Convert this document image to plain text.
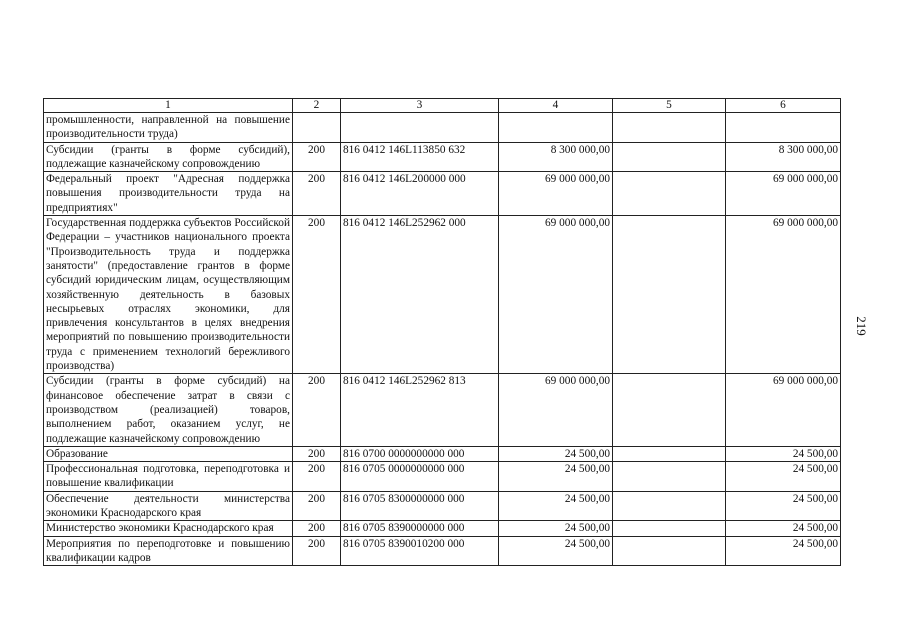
1	2	3	4	5	6
промышленности, направленной на повышение производительности труда)					
Субсидии (гранты в форме субсидий), подлежащие казначейскому сопровождению	200	816 0412 146L113850 632	8 300 000,00		8 300 000,00
Федеральный проект "Адресная поддержка повышения производительности труда на предприятиях"	200	816 0412 146L200000 000	69 000 000,00		69 000 000,00
Государственная поддержка субъектов Российской Федерации – участников национального проекта "Производительность труда и поддержка занятости" (предоставление грантов в форме субсидий юридическим лицам, осуществляющим хозяйственную деятельность в базовых несырьевых отраслях экономики, для привлечения консультантов в целях внедрения мероприятий по повышению производительности труда с применением технологий бережливого производства)	200	816 0412 146L252962 000	69 000 000,00		69 000 000,00
Субсидии (гранты в форме субсидий) на финансовое обеспечение затрат в связи с производством (реализацией) товаров, выполнением работ, оказанием услуг, не подлежащие казначейскому сопровождению	200	816 0412 146L252962 813	69 000 000,00		69 000 000,00
Образование	200	816 0700 0000000000 000	24 500,00		24 500,00
Профессиональная подготовка, переподготовка и повышение квалификации	200	816 0705 0000000000 000	24 500,00		24 500,00
Обеспечение деятельности министерства экономики Краснодарского края	200	816 0705 8300000000 000	24 500,00		24 500,00
Министерство экономики Краснодарского края	200	816 0705 8390000000 000	24 500,00		24 500,00
Мероприятия по переподготовке и повышению квалификации кадров	200	816 0705 8390010200 000	24 500,00		24 500,00
219
